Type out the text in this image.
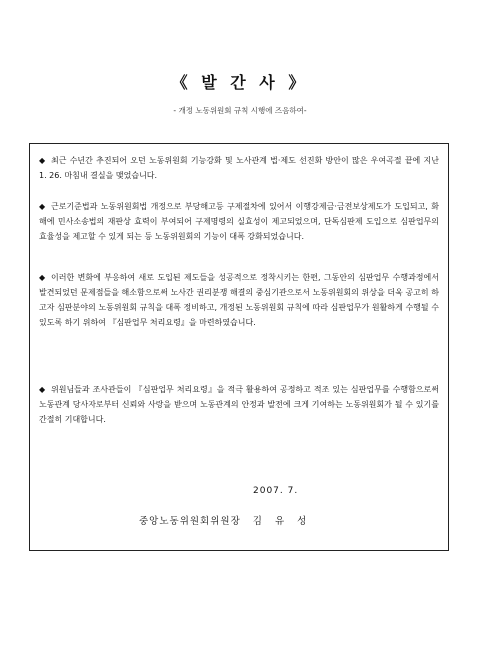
《 발 간 사 》
- 개정 노동위원회 규칙 시행에 즈음하여-
◆ 최근 수년간 추진되어 오던 노동위원회 기능강화 및 노사관계 법·제도 선진화 방안이 많은 우여곡절 끝에 지난 1. 26. 마침내 결실을 맺었습니다.
◆ 근로기준법과 노동위원회법 개정으로 부당해고등 구제절차에 있어서 이행강제금·금전보상제도가 도입되고, 화해에 민사소송법의 재판상 효력이 부여되어 구제명령의 실효성이 제고되었으며, 단독심판제 도입으로 심판업무의 효율성을 제고할 수 있게 되는 등 노동위원회의 기능이 대폭 강화되었습니다.
◆ 이러한 변화에 부응하여 새로 도입된 제도들을 성공적으로 정착시키는 한편, 그동안의 심판업무 수행과정에서 발견되었던 문제점들을 해소함으로써 노사간 권리분쟁 해결의 중심기관으로서 노동위원회의 위상을 더욱 공고히 하고자 심판분야의 노동위원회 규칙을 대폭 정비하고, 개정된 노동위원회 규칙에 따라 심판업무가 원활하게 수행될 수 있도록 하기 위하여 『심판업무 처리요령』을 마련하였습니다.
◆ 위원님들과 조사관들이 『심판업무 처리요령』을 적극 활용하여 공정하고 적조 있는 심판업무를 수행함으로써 노동관계 당사자로부터 신뢰와 사랑을 받으며 노동관계의 안정과 발전에 크게 기여하는 노동위원회가 될 수 있기를 간절히 기대합니다.
2007. 7.
중앙노동위원회위원장 김 유 성
